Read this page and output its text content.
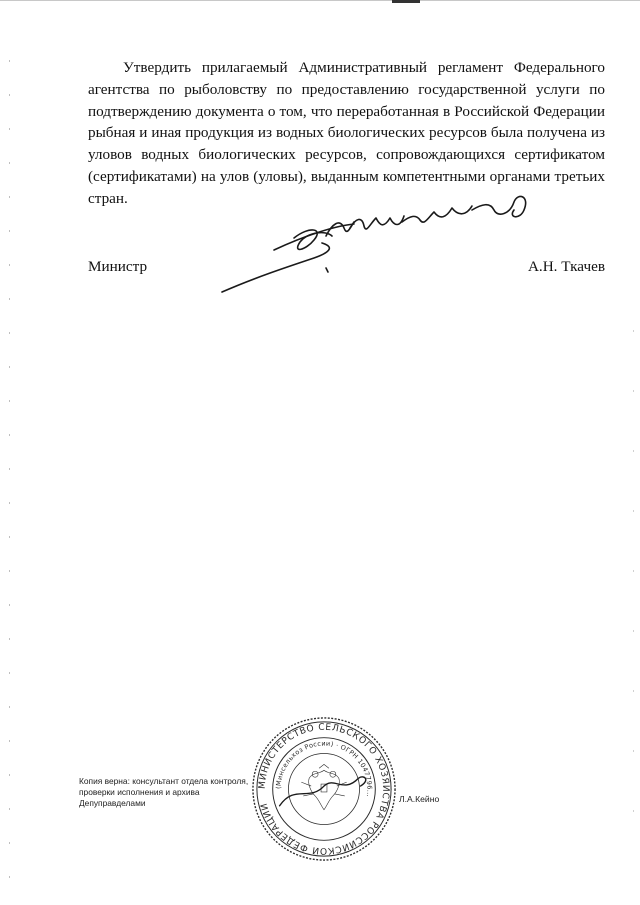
Утвердить прилагаемый Административный регламент Федерального агентства по рыболовству по предоставлению государственной услуги по подтверждению документа о том, что переработанная в Российской Федерации рыбная и иная продукция из водных биологических ресурсов была получена из уловов водных биологических ресурсов, сопровождающихся сертификатом (сертификатами) на улов (уловы), выданным компетентными органами третьих стран.

Министр	А.Н. Ткачев
Копия верна: консультант отдела контроля, проверки исполнения и архива Депуправделами	Л.А.Кейно
МИНИСТЕРСТВО СЕЛЬСКОГО ХОЗЯЙСТВА РОССИЙСКОЙ ФЕДЕРАЦИИ
(Минсельхоз России) · ОГРН 1047796...
